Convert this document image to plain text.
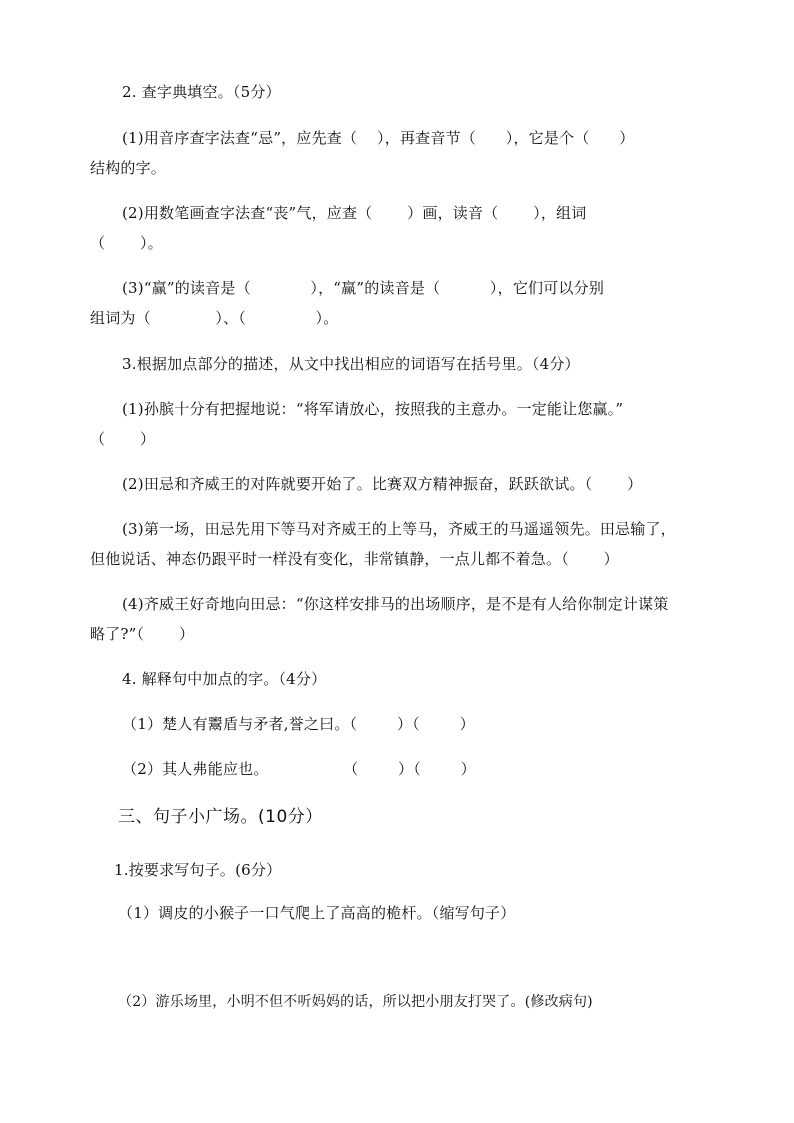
2. 查字典填空。（5分）
(1)用音序查字法查“忌”，应先查（    ），再查音节（      ），它是个（      ）
结构的字。
(2)用数笔画查字法查“丧”气，应查（       ）画，读音（       ），组词
（       ）。
(3)“赢”的读音是（            ），“赢”的读音是（          ），它们可以分别
组词为（             ）、（              ）。
3.根据加点部分的描述，从文中找出相应的词语写在括号里。（4分）
(1)孙膑十分有把握地说：“将军请放心，按照我的主意办。一定能让您赢。”
（       ）
(2)田忌和齐威王的对阵就要开始了。比赛双方精神振奋，跃跃欲试。（       ）
(3)第一场，田忌先用下等马对齐威王的上等马，齐威王的马遥遥领先。田忌输了，
但他说话、神态仍跟平时一样没有变化，非常镇静，一点儿都不着急。（       ）
(4)齐威王好奇地向田忌：“你这样安排马的出场顺序，是不是有人给你制定计谋策
略了?”（       ）
4. 解释句中加点的字。（4分）
（1）楚人有鬻盾与矛者,誉之曰。（        ）（        ）
（2）其人弗能应也。               （        ）（        ）
三、句子小广场。(10分）
1.按要求写句子。(6分）
（1）调皮的小猴子一口气爬上了高高的桅杆。（缩写句子）
（2）游乐场里，小明不但不听妈妈的话，所以把小朋友打哭了。(修改病句)
